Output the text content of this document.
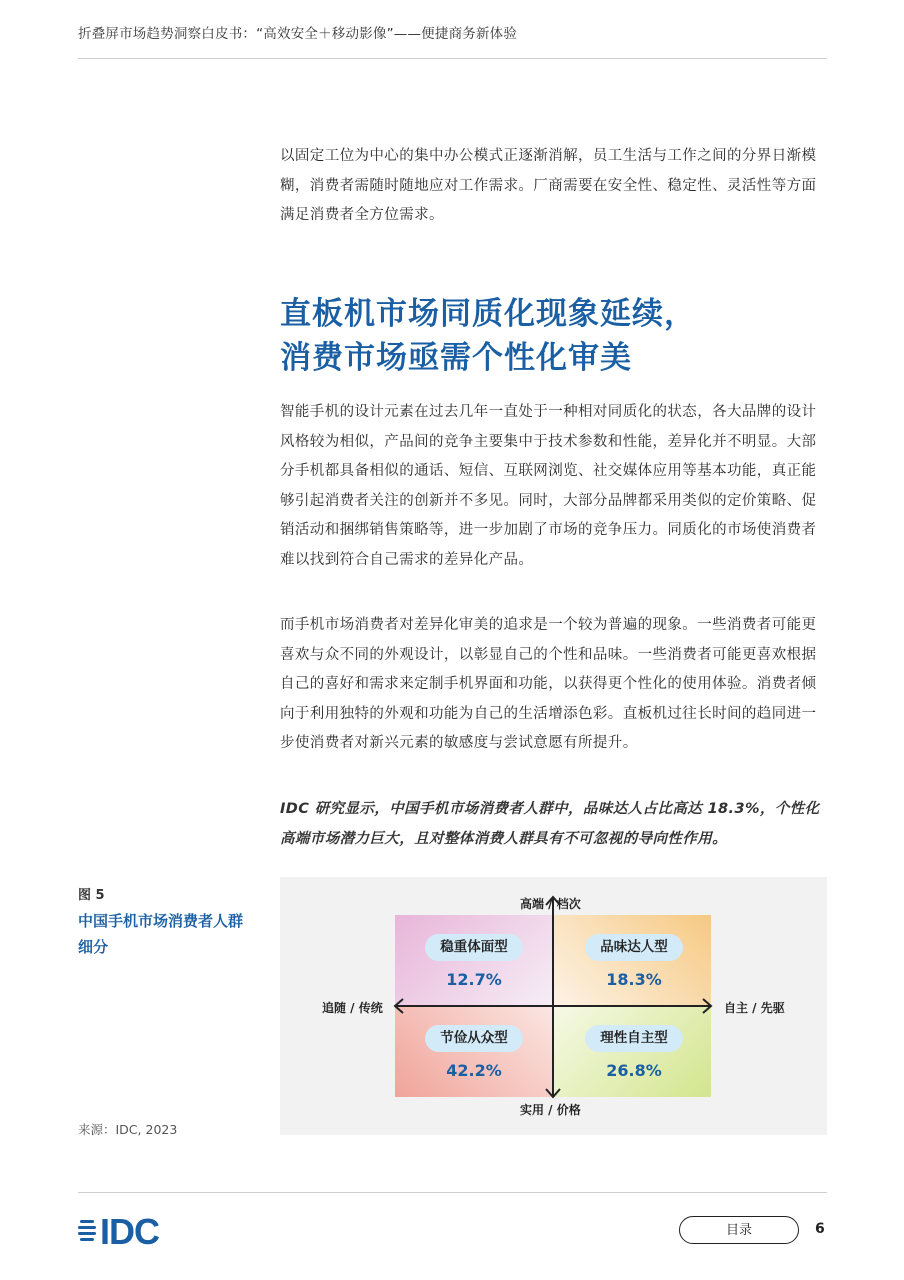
折叠屏市场趋势洞察白皮书：“高效安全＋移动影像”——便捷商务新体验

以固定工位为中心的集中办公模式正逐渐消解，员工生活与工作之间的分界日渐模糊，消费者需随时随地应对工作需求。厂商需要在安全性、稳定性、灵活性等方面满足消费者全方位需求。

直板机市场同质化现象延续，
消费市场亟需个性化审美

智能手机的设计元素在过去几年一直处于一种相对同质化的状态，各大品牌的设计风格较为相似，产品间的竞争主要集中于技术参数和性能，差异化并不明显。大部分手机都具备相似的通话、短信、互联网浏览、社交媒体应用等基本功能，真正能够引起消费者关注的创新并不多见。同时，大部分品牌都采用类似的定价策略、促销活动和捆绑销售策略等，进一步加剧了市场的竞争压力。同质化的市场使消费者难以找到符合自己需求的差异化产品。

而手机市场消费者对差异化审美的追求是一个较为普遍的现象。一些消费者可能更喜欢与众不同的外观设计，以彰显自己的个性和品味。一些消费者可能更喜欢根据自己的喜好和需求来定制手机界面和功能，以获得更个性化的使用体验。消费者倾向于利用独特的外观和功能为自己的生活增添色彩。直板机过往长时间的趋同进一步使消费者对新兴元素的敏感度与尝试意愿有所提升。

IDC 研究显示，中国手机市场消费者人群中，品味达人占比高达 18.3%，个性化高端市场潜力巨大，且对整体消费人群具有不可忽视的导向性作用。

图 5
中国手机市场消费者人群细分
来源：IDC, 2023
高端 / 档次
实用 / 价格
追随 / 传统	自主 / 先驱
稳重体面型
12.7%
品味达人型
18.3%
节俭从众型
42.2%
理性自主型
26.8%
IDC	目录	6
